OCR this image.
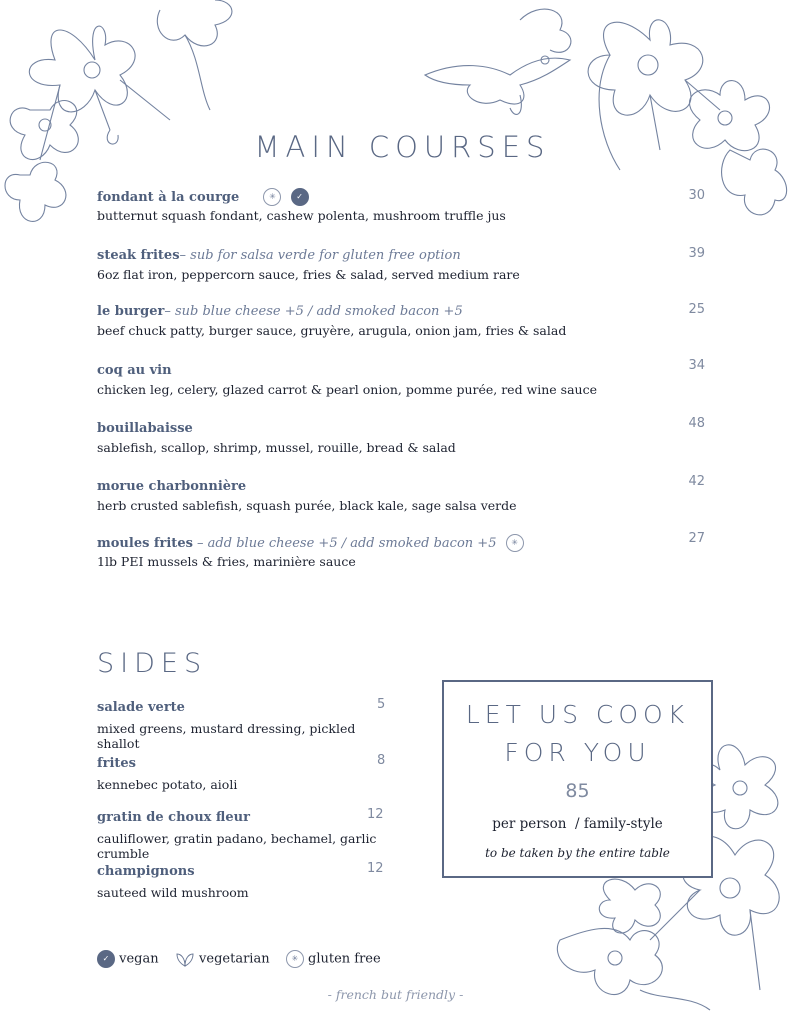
MAIN COURSES
fondant à la courge	✳	✓
butternut squash fondant, cashew polenta, mushroom truffle jus
30
steak frites– sub for salsa verde for gluten free option
6oz flat iron, peppercorn sauce, fries & salad, served medium rare
39
le burger– sub blue cheese +5 / add smoked bacon +5
beef chuck patty, burger sauce, gruyère, arugula, onion jam, fries & salad
25
coq au vin
chicken leg, celery, glazed carrot & pearl onion, pomme purée, red wine sauce
34
bouillabaisse
sablefish, scallop, shrimp, mussel, rouille, bread & salad
48
morue charbonnière
herb crusted sablefish, squash purée, black kale, sage salsa verde
42
moules frites – add blue cheese +5 / add smoked bacon +5 ✳
1lb PEI mussels & fries, marinière sauce
27
SIDES
salade verte
mixed greens, mustard dressing, pickled shallot
5
frites
kennebec potato, aioli
8
gratin de choux fleur
cauliflower, gratin padano, bechamel, garlic crumble
12
champignons
sauteed wild mushroom
12
LET US COOK
FOR YOU
85
per person  / family-style
to be taken by the entire table
✓ vegan	vegetarian	✳ gluten free
- french but friendly -
